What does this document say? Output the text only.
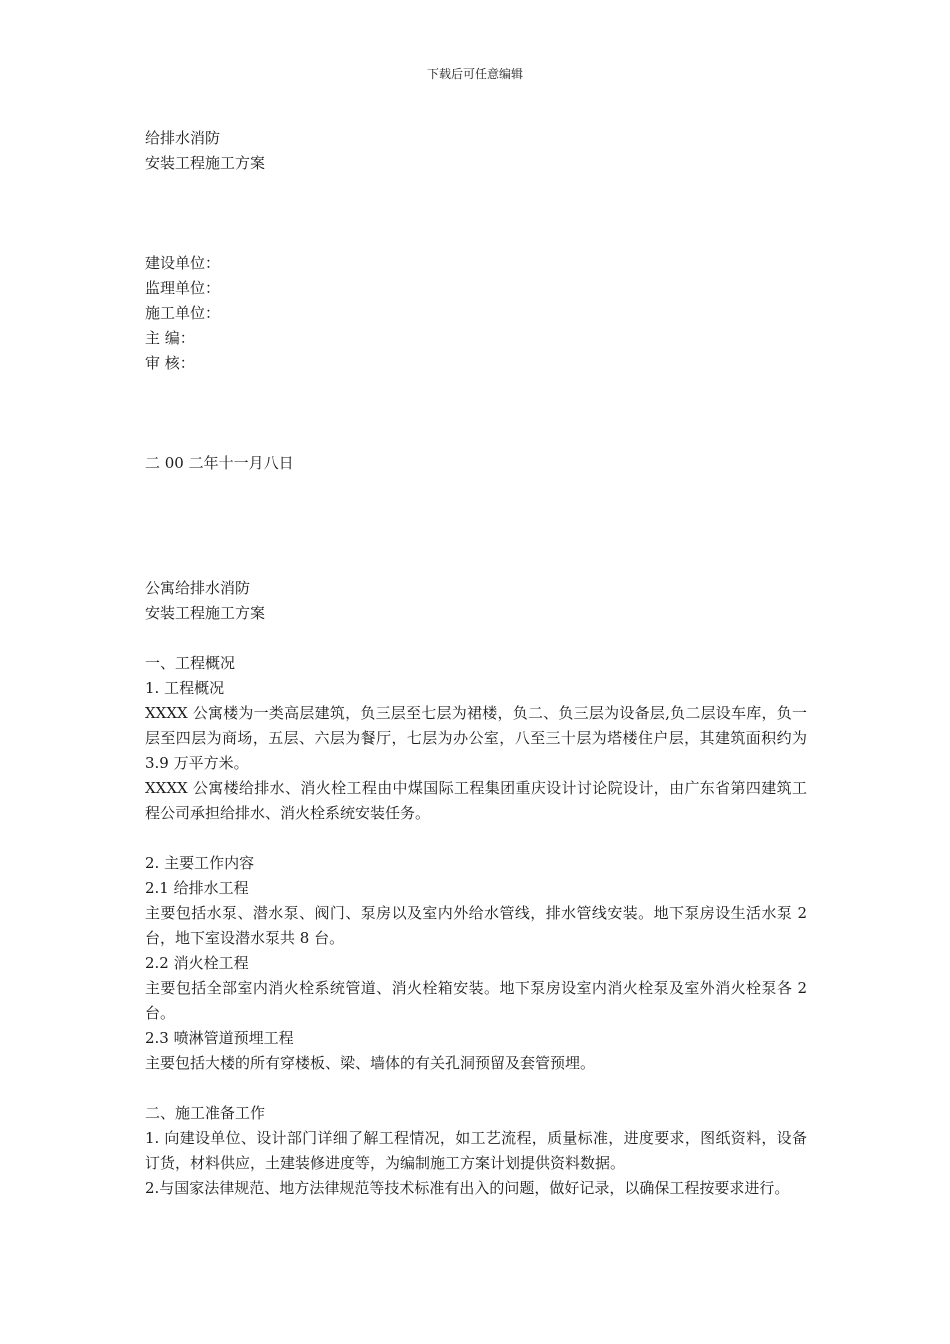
下载后可任意编辑
给排水消防
安装工程施工方案
建设单位：
监理单位：
施工单位：
主 编：
审 核：
二 00 二年十一月八日
公寓给排水消防
安装工程施工方案
一、工程概况
1. 工程概况
XXXX 公寓楼为一类高层建筑，负三层至七层为裙楼，负二、负三层为设备层,负二层设车库，负一层至四层为商场，五层、六层为餐厅，七层为办公室，八至三十层为塔楼住户层，其建筑面积约为 3.9 万平方米。
XXXX 公寓楼给排水、消火栓工程由中煤国际工程集团重庆设计讨论院设计，由广东省第四建筑工程公司承担给排水、消火栓系统安装任务。
2. 主要工作内容
2.1 给排水工程
主要包括水泵、潜水泵、阀门、泵房以及室内外给水管线，排水管线安装。地下泵房设生活水泵 2 台，地下室设潜水泵共 8 台。
2.2 消火栓工程
主要包括全部室内消火栓系统管道、消火栓箱安装。地下泵房设室内消火栓泵及室外消火栓泵各 2 台。
2.3 喷淋管道预埋工程
主要包括大楼的所有穿楼板、梁、墙体的有关孔洞预留及套管预埋。
二、施工准备工作
1. 向建设单位、设计部门详细了解工程情况，如工艺流程，质量标准，进度要求，图纸资料，设备订货，材料供应，土建装修进度等，为编制施工方案计划提供资料数据。
2.与国家法律规范、地方法律规范等技术标准有出入的问题，做好记录，以确保工程按要求进行。
